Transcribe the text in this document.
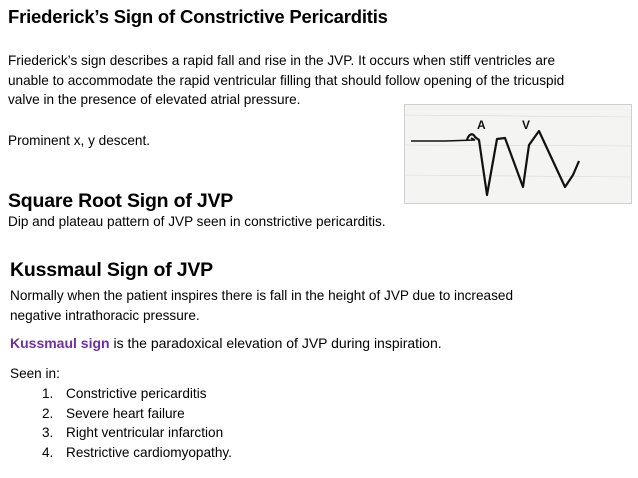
Friederick’s Sign of Constrictive Pericarditis
Friederick’s sign describes a rapid fall and rise in the JVP. It occurs when stiff ventricles are
unable to accommodate the rapid ventricular filling that should follow opening of the tricuspid
valve in the presence of elevated atrial pressure.
Prominent x, y descent.
A	V
Square Root Sign of JVP
Dip and plateau pattern of JVP seen in constrictive pericarditis.
Kussmaul Sign of JVP
Normally when the patient inspires there is fall in the height of JVP due to increased
negative intrathoracic pressure.
Kussmaul sign is the paradoxical elevation of JVP during inspiration.
Seen in:
1. Constrictive pericarditis
2. Severe heart failure
3. Right ventricular infarction
4. Restrictive cardiomyopathy.
